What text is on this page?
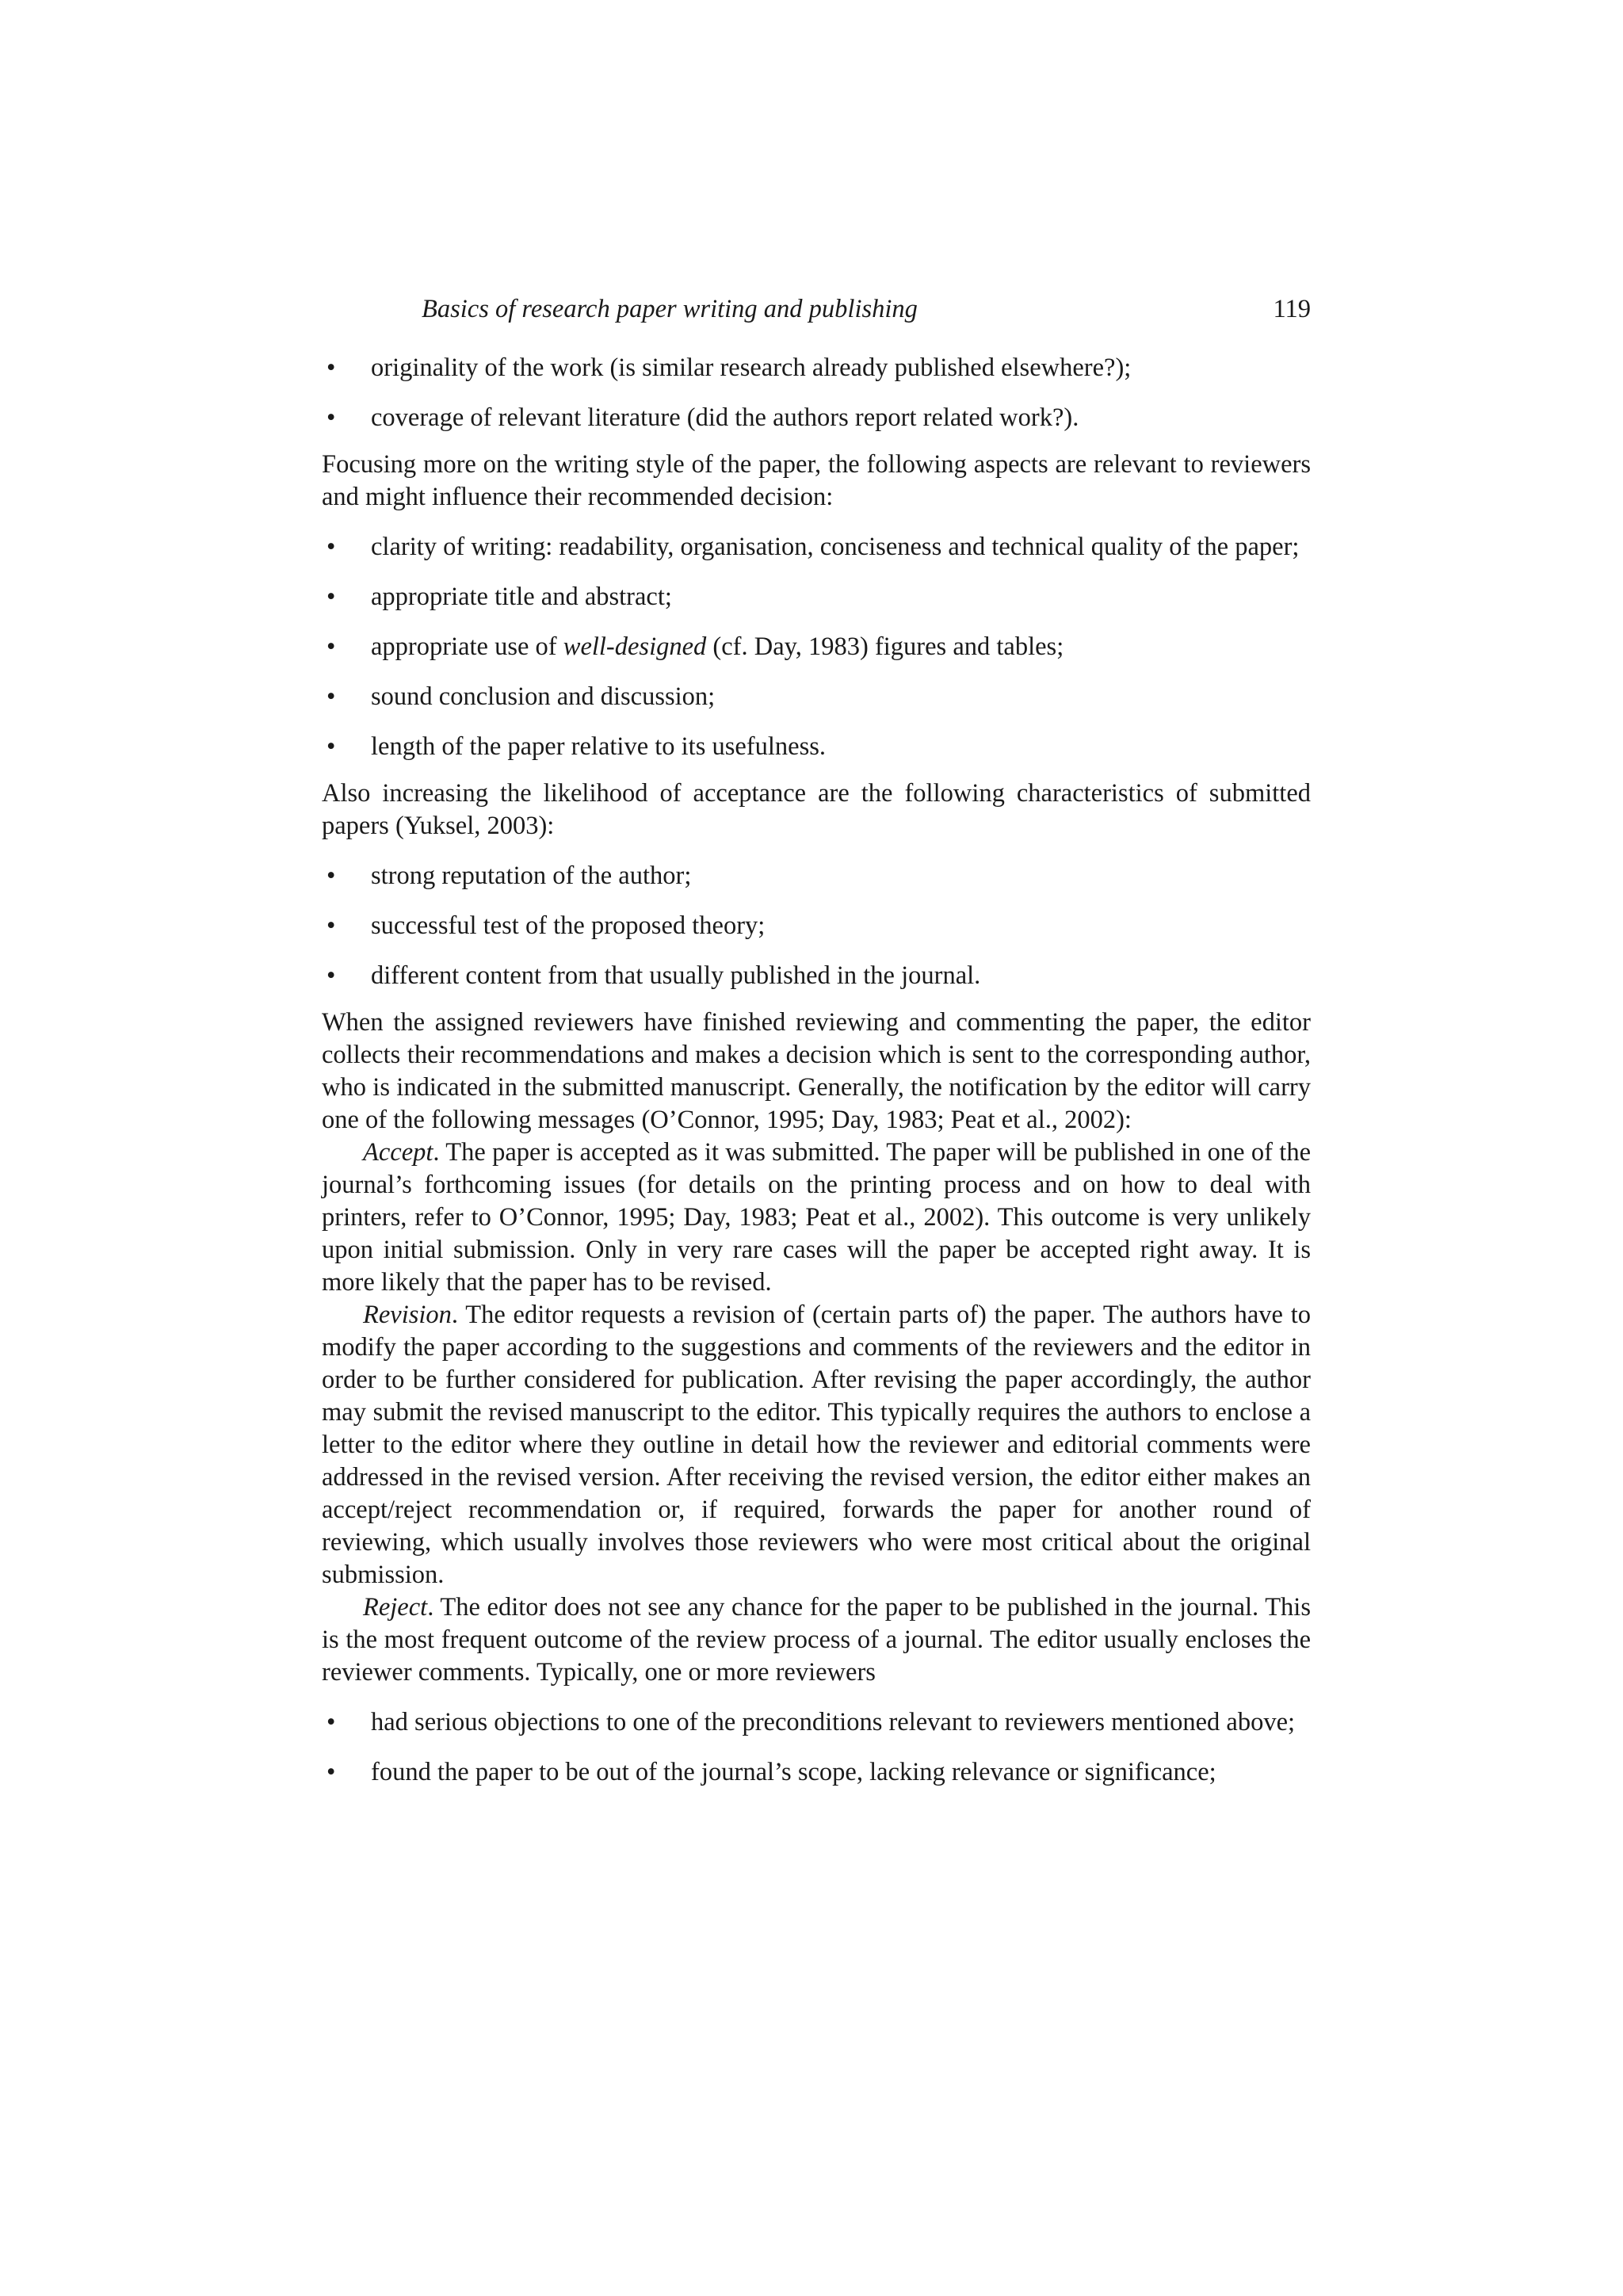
Basics of research paper writing and publishing	119
• originality of the work (is similar research already published elsewhere?);
• coverage of relevant literature (did the authors report related work?).

Focusing more on the writing style of the paper, the following aspects are relevant to reviewers and might influence their recommended decision:

• clarity of writing: readability, organisation, conciseness and technical quality of the paper;
• appropriate title and abstract;
• appropriate use of well-designed (cf. Day, 1983) figures and tables;
• sound conclusion and discussion;
• length of the paper relative to its usefulness.

Also increasing the likelihood of acceptance are the following characteristics of submitted papers (Yuksel, 2003):

• strong reputation of the author;
• successful test of the proposed theory;
• different content from that usually published in the journal.

When the assigned reviewers have finished reviewing and commenting the paper, the editor collects their recommendations and makes a decision which is sent to the corresponding author, who is indicated in the submitted manuscript. Generally, the notification by the editor will carry one of the following messages (O’Connor, 1995; Day, 1983; Peat et al., 2002):

Accept. The paper is accepted as it was submitted. The paper will be published in one of the journal’s forthcoming issues (for details on the printing process and on how to deal with printers, refer to O’Connor, 1995; Day, 1983; Peat et al., 2002). This outcome is very unlikely upon initial submission. Only in very rare cases will the paper be accepted right away. It is more likely that the paper has to be revised.

Revision. The editor requests a revision of (certain parts of) the paper. The authors have to modify the paper according to the suggestions and comments of the reviewers and the editor in order to be further considered for publication. After revising the paper accordingly, the author may submit the revised manuscript to the editor. This typically requires the authors to enclose a letter to the editor where they outline in detail how the reviewer and editorial comments were addressed in the revised version. After receiving the revised version, the editor either makes an accept/reject recommendation or, if required, forwards the paper for another round of reviewing, which usually involves those reviewers who were most critical about the original submission.

Reject. The editor does not see any chance for the paper to be published in the journal. This is the most frequent outcome of the review process of a journal. The editor usually encloses the reviewer comments. Typically, one or more reviewers

• had serious objections to one of the preconditions relevant to reviewers mentioned above;
• found the paper to be out of the journal’s scope, lacking relevance or significance;
